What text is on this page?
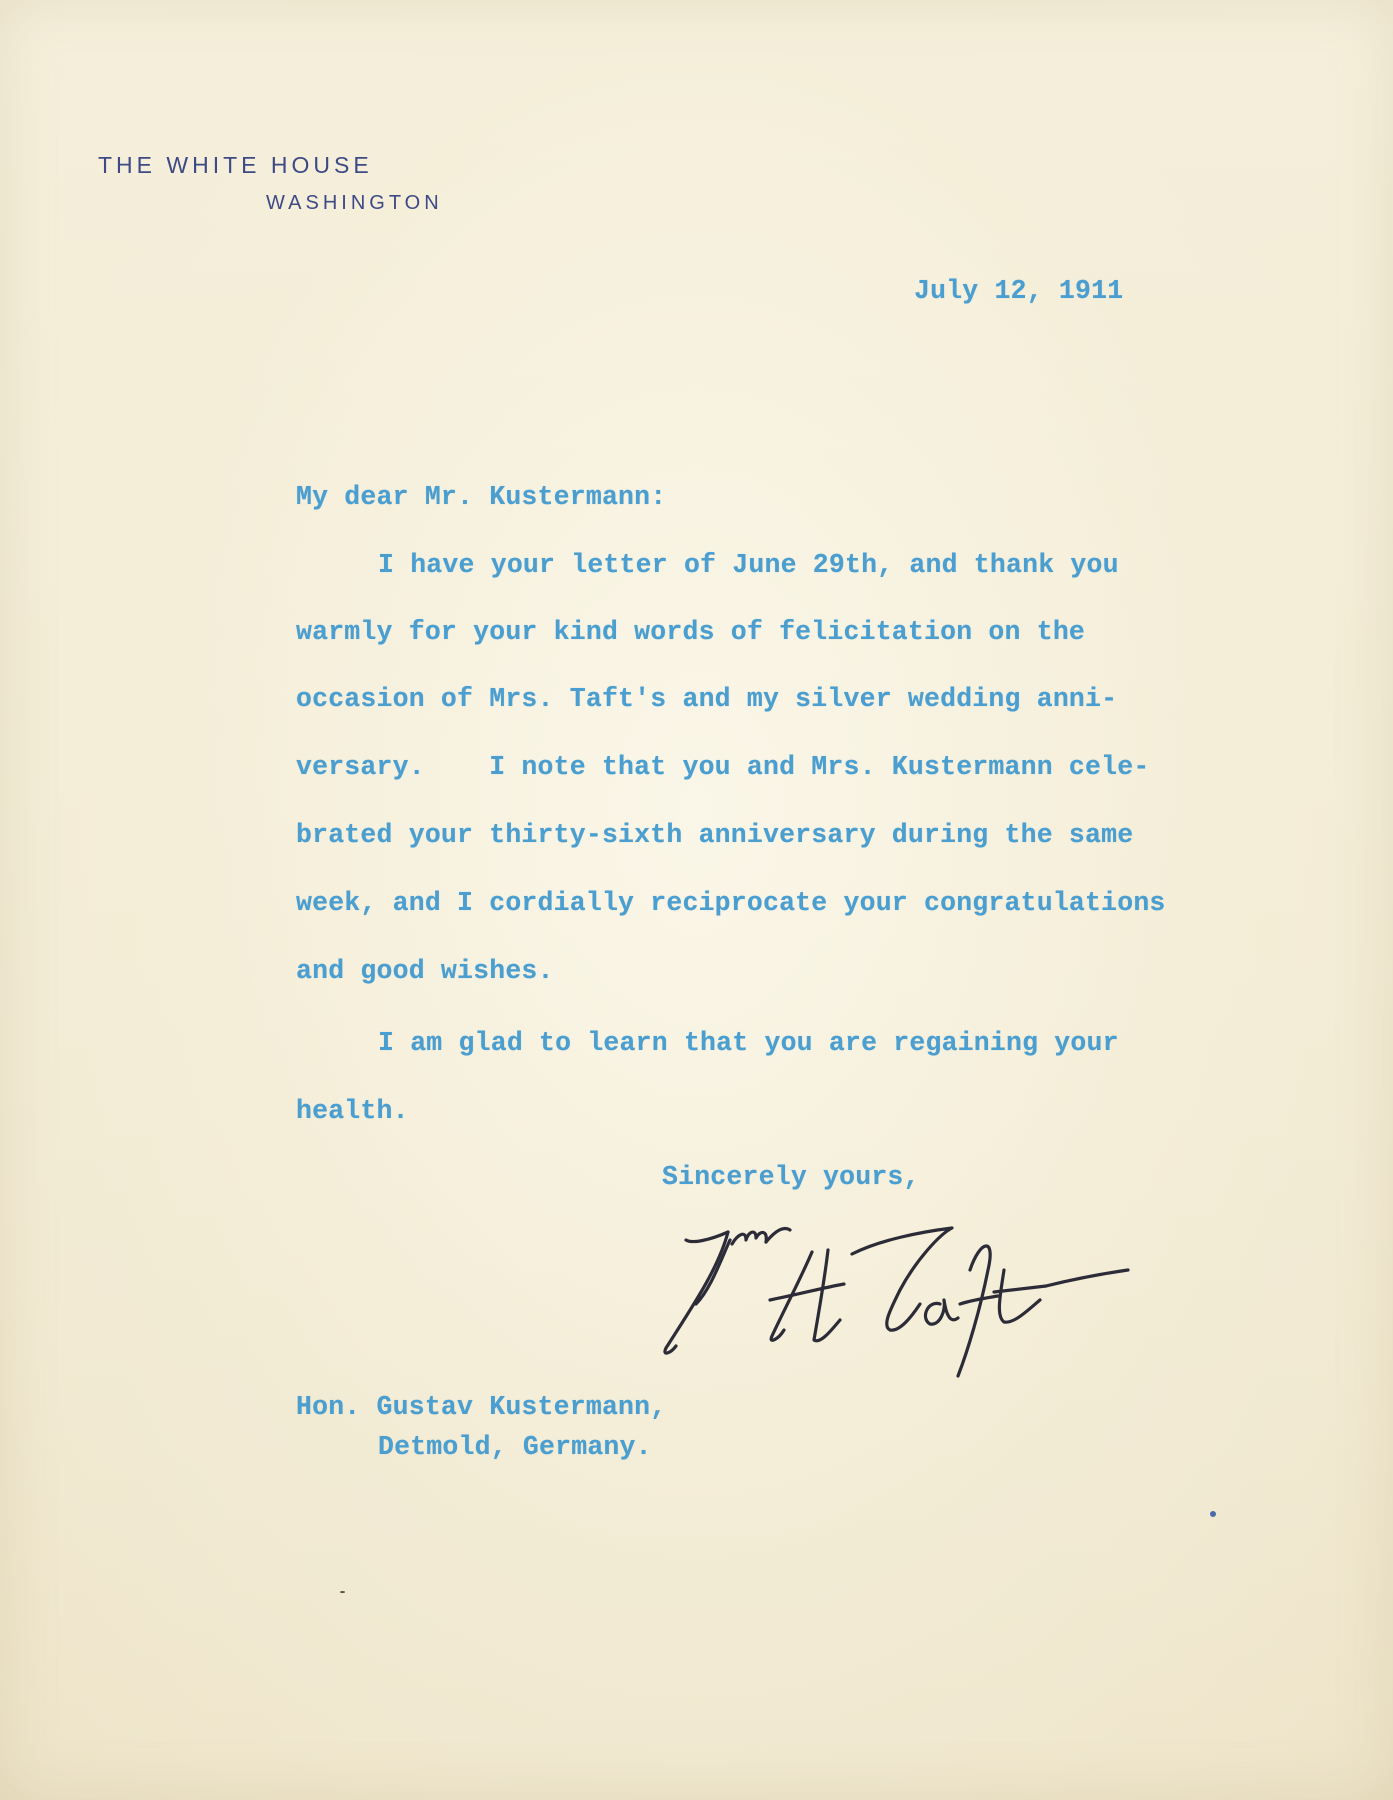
THE WHITE HOUSE
WASHINGTON
July 12, 1911
My dear Mr. Kustermann:
I have your letter of June 29th, and thank you
warmly for your kind words of felicitation on the
occasion of Mrs. Taft's and my silver wedding anni-
versary.    I note that you and Mrs. Kustermann cele-
brated your thirty-sixth anniversary during the same
week, and I cordially reciprocate your congratulations
and good wishes.
I am glad to learn that you are regaining your
health.
Sincerely yours,
Hon. Gustav Kustermann,
Detmold, Germany.
